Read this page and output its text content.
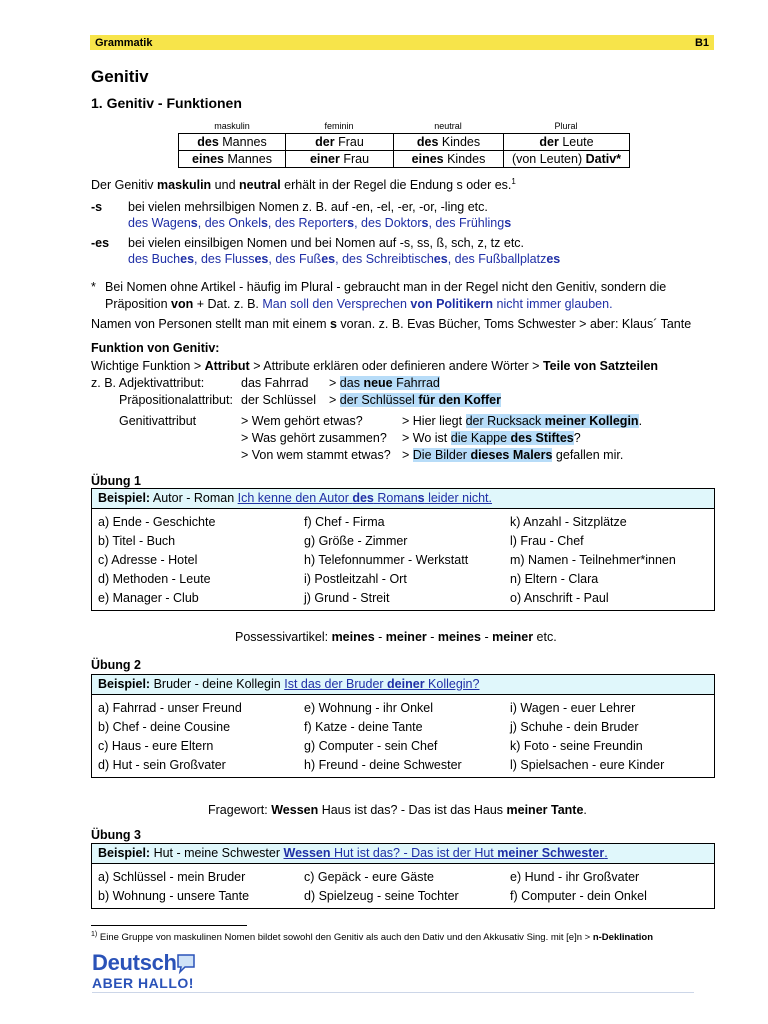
Grammatik	B1
Genitiv
1. Genitiv - Funktionen
maskulin	feminin	neutral	Plural
des Mannes	der Frau	des Kindes	der Leute
eines Mannes	einer Frau	eines Kindes	(von Leuten) Dativ*
Der Genitiv maskulin und neutral erhält in der Regel die Endung s oder es.$^1$
-s bei vielen mehrsilbigen Nomen z. B. auf -en, -el, -er, -or, -ling etc.
des Wagens, des Onkels, des Reporters, des Doktors, des Frühlings
-es bei vielen einsilbigen Nomen und bei Nomen auf -s, ss, ß, sch, z, tz etc.
des Buches, des Flusses, des Fußes, des Schreibtisches, des Fußballplatzes
* Bei Nomen ohne Artikel - häufig im Plural - gebraucht man in der Regel nicht den Genitiv, sondern die
Präposition von + Dat. z. B. Man soll den Versprechen von Politikern nicht immer glauben.
Namen von Personen stellt man mit einem s voran. z. B. Evas Bücher, Toms Schwester > aber: Klaus´ Tante
Funktion von Genitiv:
Wichtige Funktion > Attribut > Attribute erklären oder definieren andere Wörter > Teile von Satzteilen
z. B. Adjektivattribut:	das Fahrrad > das neue Fahrrad
Präpositionalattribut: der Schlüssel > der Schlüssel für den Koffer
Genitivattribut	> Wem gehört etwas?	> Hier liegt der Rucksack meiner Kollegin.
> Was gehört zusammen? > Wo ist die Kappe des Stiftes?
> Von wem stammt etwas? > Die Bilder dieses Malers gefallen mir.
Übung 1
Beispiel: Autor - Roman Ich kenne den Autor des Romans leider nicht.
a) Ende - Geschichte	f) Chef - Firma	k) Anzahl - Sitzplätze
b) Titel - Buch	g) Größe - Zimmer	l) Frau - Chef
c) Adresse - Hotel	h) Telefonnummer - Werkstatt	m) Namen - Teilnehmer*innen
d) Methoden - Leute	i) Postleitzahl - Ort	n) Eltern - Clara
e) Manager - Club	j) Grund - Streit	o) Anschrift - Paul
Possessivartikel: meines - meiner - meines - meiner etc.
Übung 2
Beispiel: Bruder - deine Kollegin Ist das der Bruder deiner Kollegin?
a) Fahrrad - unser Freund	e) Wohnung - ihr Onkel	i) Wagen - euer Lehrer
b) Chef - deine Cousine	f) Katze - deine Tante	j) Schuhe - dein Bruder
c) Haus - eure Eltern	g) Computer - sein Chef	k) Foto - seine Freundin
d) Hut - sein Großvater	h) Freund - deine Schwester	l) Spielsachen - eure Kinder
Fragewort: Wessen Haus ist das? - Das ist das Haus meiner Tante.
Übung 3
Beispiel: Hut - meine Schwester Wessen Hut ist das? - Das ist der Hut meiner Schwester.
a) Schlüssel - mein Bruder	c) Gepäck - eure Gäste	e) Hund - ihr Großvater
b) Wohnung - unsere Tante	d) Spielzeug - seine Tochter	f) Computer - dein Onkel
$^{1)}$ Eine Gruppe von maskulinen Nomen bildet sowohl den Genitiv als auch den Dativ und den Akkusativ Sing. mit [e]n > n-Deklination
Deutsch
ABER HALLO!
